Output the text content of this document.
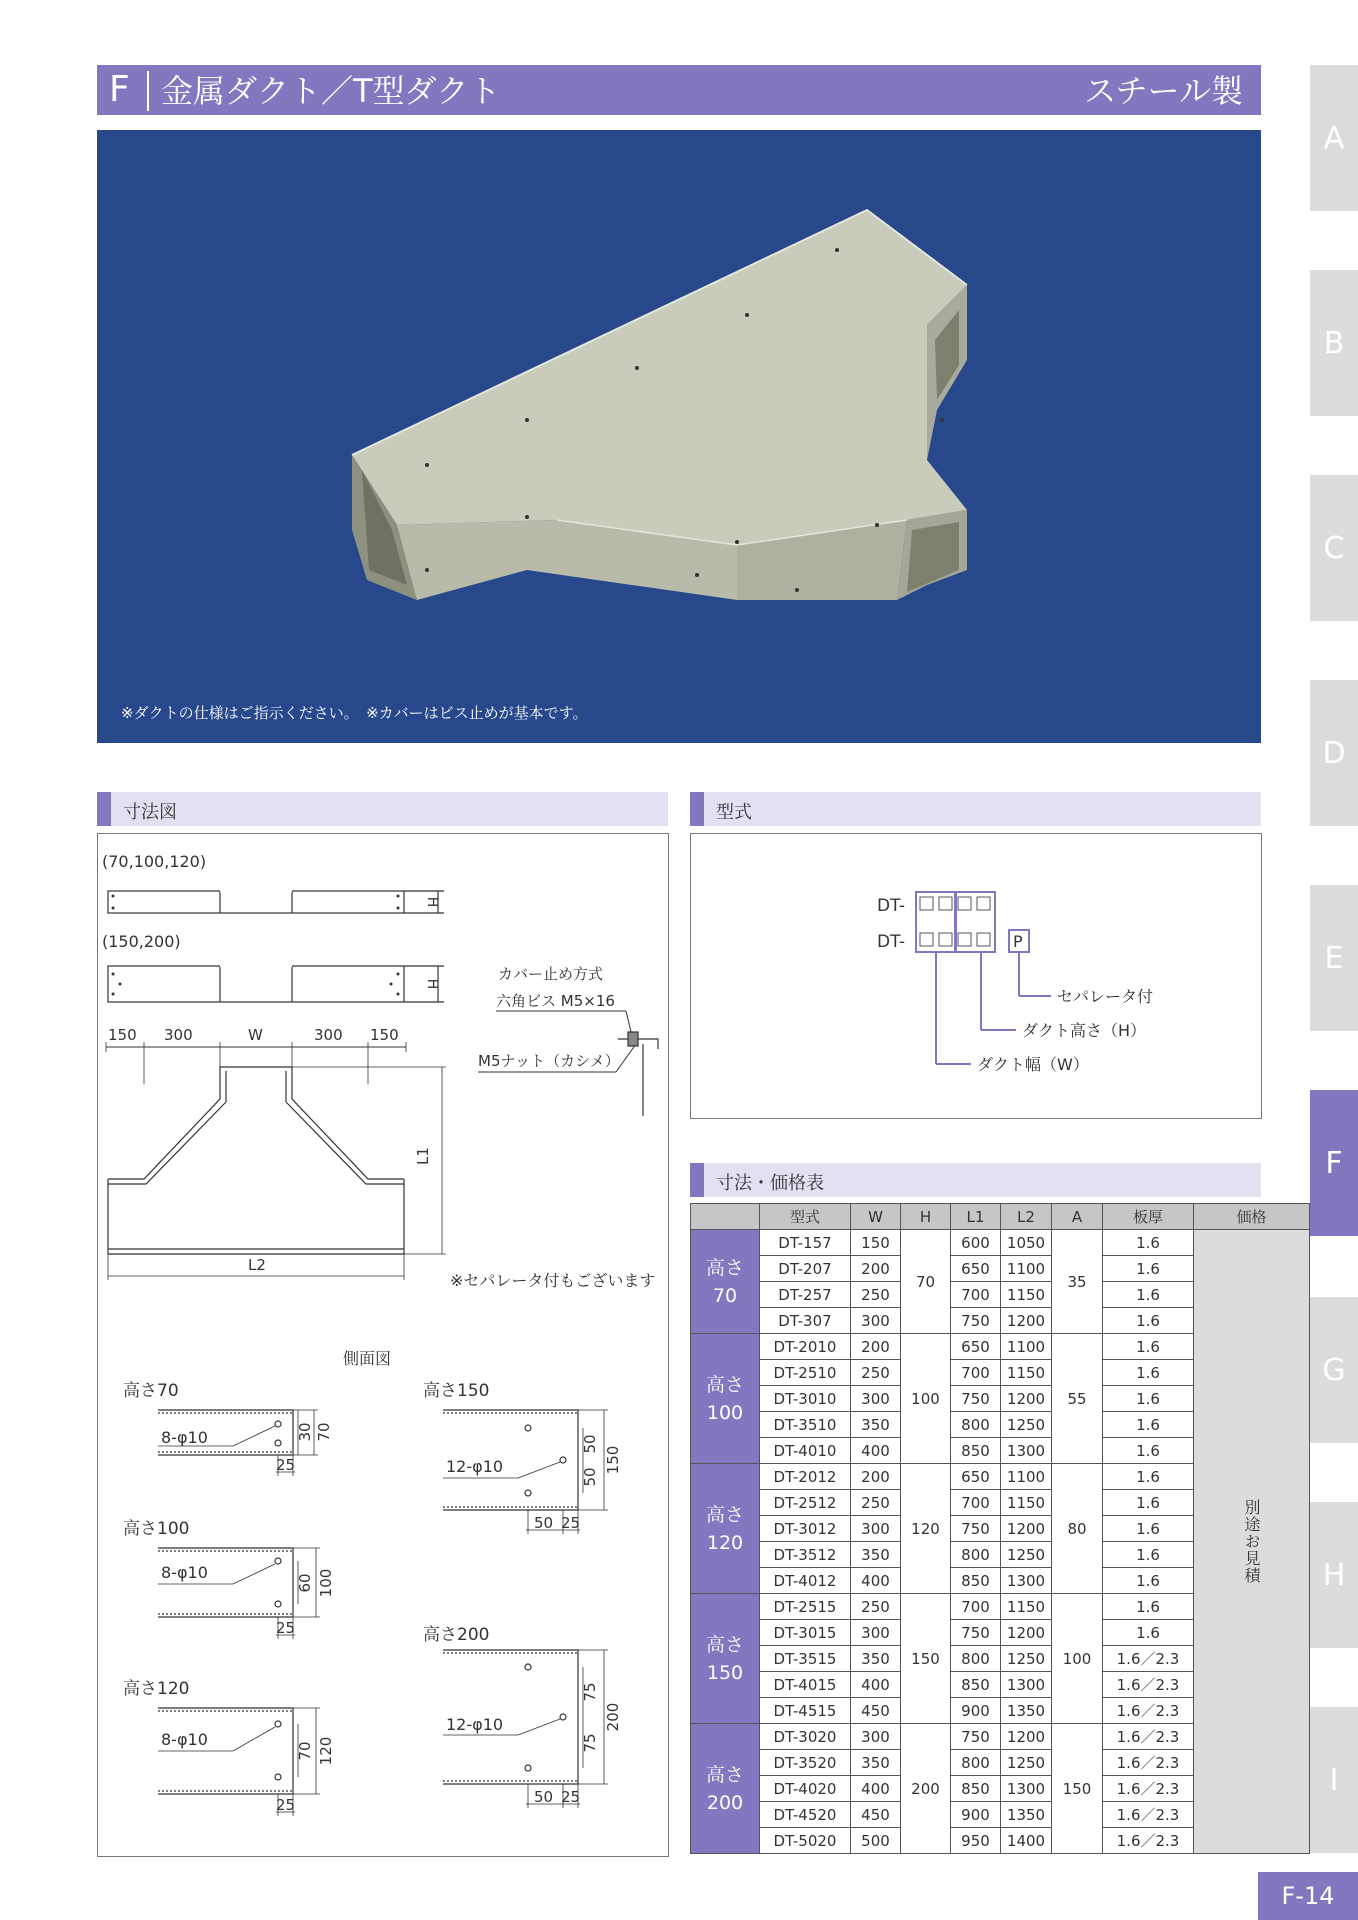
F 金属ダクト／T型ダクト	スチール製
※ダクトの仕様はご指示ください。　※カバーはビス止めが基本です。
A
B
C
D
E
F
G
H
I
F-14
寸法図	型式
寸法・価格表
(70,100,120)
H
(150,200)
H
カバー止め方式
六角ビス M5×16
M5ナット（カシメ）
150 300	W	300 150
L1
L2
※セパレータ付もございます
側面図
高さ70
8-φ10	30 70
25
高さ100
8-φ10
60 100
25
高さ120
8-φ10
70 120
25
高さ150
12-φ10
50
50
150
50 25
高さ200
12-φ10
75
75
200
50 25
DT-
DT-	P
セパレータ付
ダクト高さ（H）
ダクト幅（W）
	型式	W	H	L1	L2	A	板厚	価格

高さ
70	DT-157	150	70	600	1050	35	1.6	別途お見積
	DT-207	200		650	1100		1.6	
	DT-257	250		700	1150		1.6	
	DT-307	300		750	1200		1.6	

高さ
100	DT-2010	200	100	650	1100	55	1.6	
	DT-2510	250		700	1150		1.6	
	DT-3010	300		750	1200		1.6	
	DT-3510	350		800	1250		1.6	
	DT-4010	400		850	1300		1.6	

高さ
120	DT-2012	200	120	650	1100	80	1.6	
	DT-2512	250		700	1150		1.6	
	DT-3012	300		750	1200		1.6	
	DT-3512	350		800	1250		1.6	
	DT-4012	400		850	1300		1.6	

高さ
150	DT-2515	250	150	700	1150	100	1.6	
	DT-3015	300		750	1200		1.6	
	DT-3515	350		800	1250		1.6／2.3	
	DT-4015	400		850	1300		1.6／2.3	
	DT-4515	450		900	1350		1.6／2.3	

高さ
200	DT-3020	300	200	750	1200	150	1.6／2.3	
	DT-3520	350		800	1250		1.6／2.3	
	DT-4020	400		850	1300		1.6／2.3	
	DT-4520	450		900	1350		1.6／2.3	
	DT-5020	500		950	1400		1.6／2.3	
